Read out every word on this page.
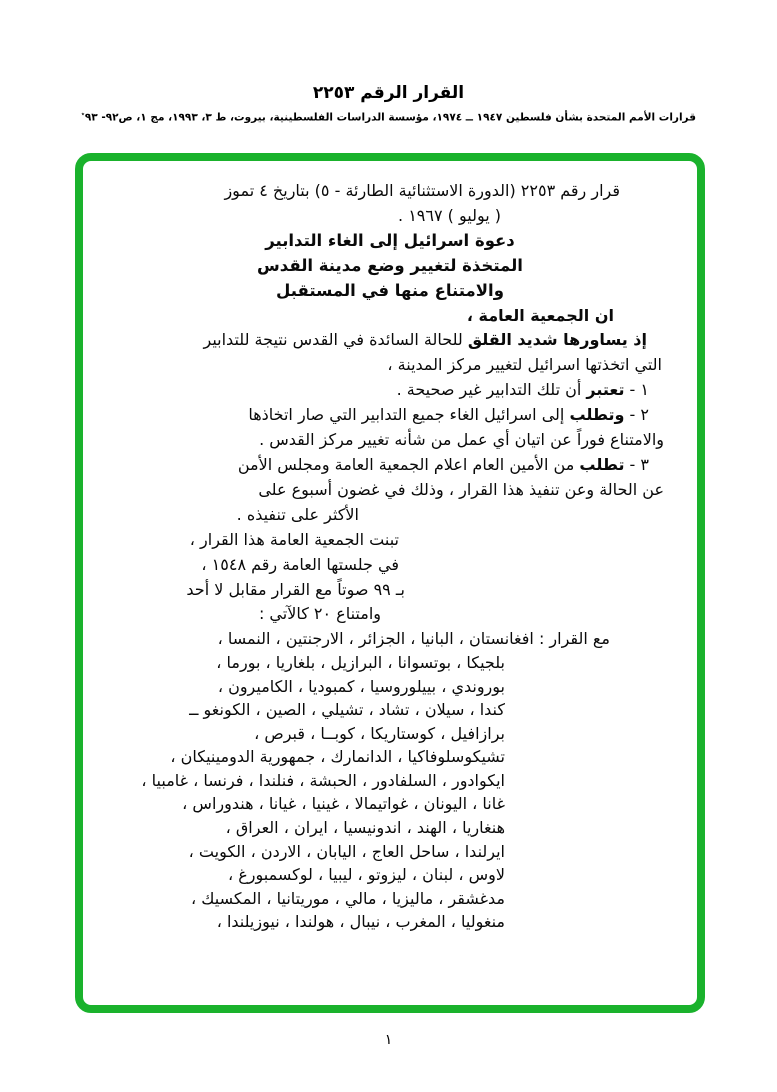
القرار الرقم ٢٢٥٣
قرارات الأمم المتحدة بشأن فلسطين ١٩٤٧ ــ ١٩٧٤، مؤسسة الدراسات الفلسطينية، بيروت، ط ٣، ١٩٩٣، مج ١، ص٩٢- ٩٣٭
قرار رقم ٢٢٥٣ (الدورة الاستثنائية الطارئة - ٥) بتاريخ ٤ تموز
( يوليو ) ١٩٦٧ .
دعوة اسرائيل إلى الغاء التدابير
المتخذة لتغيير وضع مدينة القدس
والامتناع منها في المستقبل
ان الجمعية العامة ،
إذ يساورها شديد القلق للحالة السائدة في القدس نتيجة للتدابير
التي اتخذتها اسرائيل لتغيير مركز المدينة ،
١ - تعتبر أن تلك التدابير غير صحيحة .
٢ - وتطلب إلى اسرائيل الغاء جميع التدابير التي صار اتخاذها
والامتناع فوراً عن اتيان أي عمل من شأنه تغيير مركز القدس .
٣ - تطلب من الأمين العام اعلام الجمعية العامة ومجلس الأمن
عن الحالة وعن تنفيذ هذا القرار ، وذلك في غضون أسبوع على
الأكثر على تنفيذه .
تبنت الجمعية العامة هذا القرار ،
في جلستها العامة رقم ١٥٤٨ ،
بـ ٩٩ صوتاً مع القرار مقابل لا أحد
وامتناع ٢٠ كالآتي :
مع القرار : افغانستان ، البانيا ، الجزائر ، الارجنتين ، النمسا ،
بلجيكا ، بوتسوانا ، البرازيل ، بلغاريا ، بورما ،
بوروندي ، بييلوروسيا ، كمبوديا ، الكاميرون ،
كندا ، سيلان ، تشاد ، تشيلي ، الصين ، الكونغو ــ
برازافيل ، كوستاريكا ، كوبــا ، قبرص ،
تشيكوسلوفاكيا ، الدانمارك ، جمهورية الدومينيكان ،
ايكوادور ، السلفادور ، الحبشة ، فنلندا ، فرنسا ، غامبيا ،
غانا ، اليونان ، غواتيمالا ، غينيا ، غيانا ، هندوراس ،
هنغاريا ، الهند ، اندونيسيا ، ايران ، العراق ،
ايرلندا ، ساحل العاج ، اليابان ، الاردن ، الكويت ،
لاوس ، لبنان ، ليزوتو ، ليبيا ، لوكسمبورغ ،
مدغشقر ، ماليزيا ، مالي ، موريتانيا ، المكسيك ،
منغوليا ، المغرب ، نيبال ، هولندا ، نيوزيلندا ،
١
